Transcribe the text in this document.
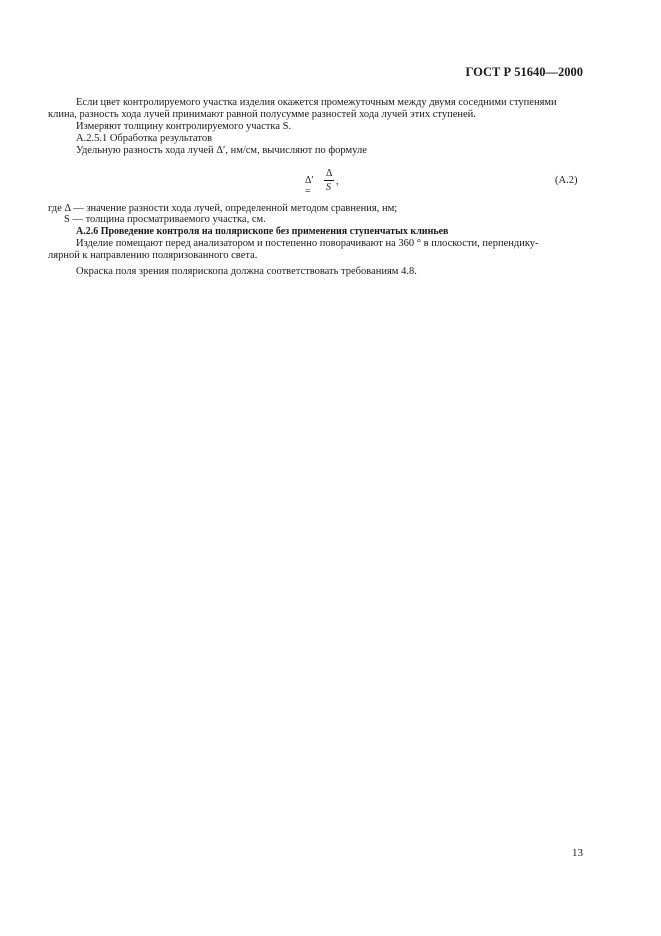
ГОСТ Р 51640—2000
Если цвет контролируемого участка изделия окажется промежуточным между двумя соседними ступенями
клина, разность хода лучей принимают равной полусумме разностей хода лучей этих ступеней.
Измеряют толщину контролируемого участка S.
А.2.5.1 Обработка результатов
Удельную разность хода лучей Δ′, нм/см, вычисляют по формуле
Δ′ =
Δ
S
,	(А.2)
где Δ — значение разности хода лучей, определенной методом сравнения, нм;
S — толщина просматриваемого участка, см.
А.2.6 Проведение контроля на полярископе без применения ступенчатых клиньев
Изделие помещают перед анализатором и постепенно поворачивают на 360 ° в плоскости, перпендику-
лярной к направлению поляризованного света.
Окраска поля зрения полярископа должна соответствовать требованиям 4.8.
13
